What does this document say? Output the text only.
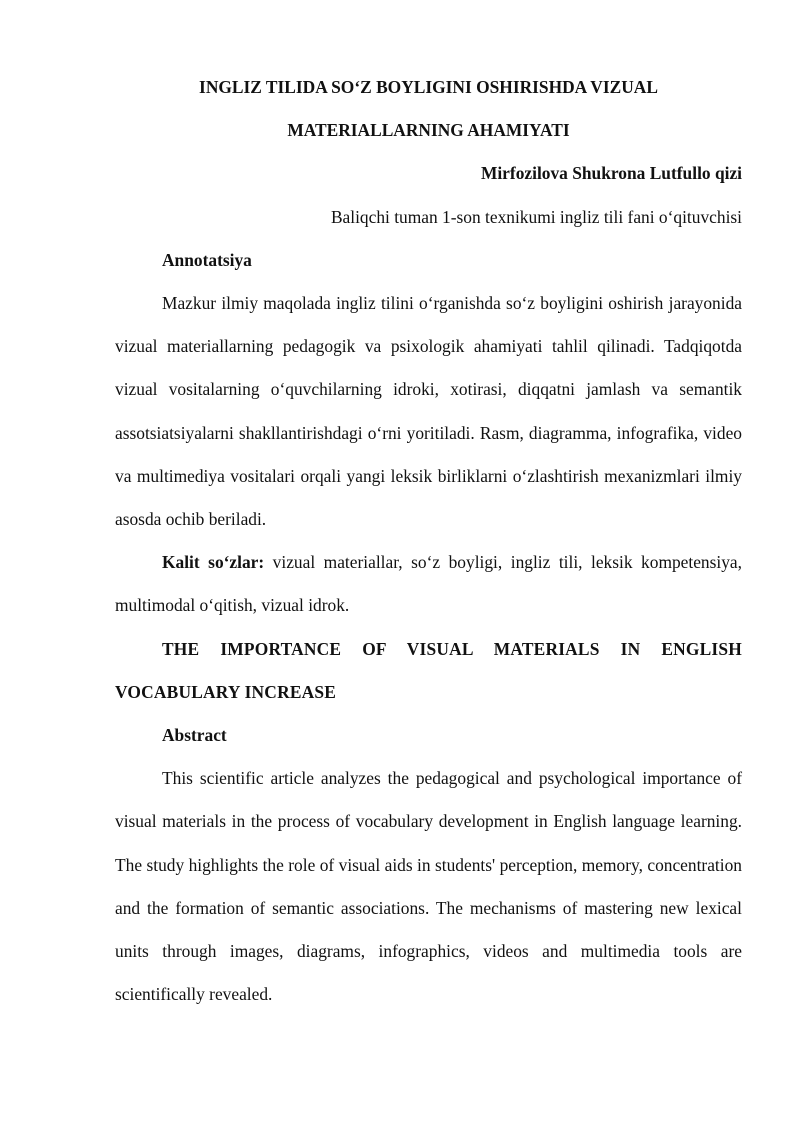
INGLIZ TILIDA SO‘Z BOYLIGINI OSHIRISHDA VIZUAL
MATERIALLARNING AHAMIYATI

Mirfozilova Shukrona Lutfullo qizi

Baliqchi tuman 1-son texnikumi ingliz tili fani o‘qituvchisi

Annotatsiya

Mazkur ilmiy maqolada ingliz tilini o‘rganishda so‘z boyligini oshirish jarayonida vizual materiallarning pedagogik va psixologik ahamiyati tahlil qilinadi. Tadqiqotda vizual vositalarning o‘quvchilarning idroki, xotirasi, diqqatni jamlash va semantik assotsiatsiyalarni shakllantirishdagi o‘rni yoritiladi. Rasm, diagramma, infografika, video va multimediya vositalari orqali yangi leksik birliklarni o‘zlashtirish mexanizmlari ilmiy asosda ochib beriladi.

Kalit so‘zlar: vizual materiallar, so‘z boyligi, ingliz tili, leksik kompetensiya, multimodal o‘qitish, vizual idrok.

THE IMPORTANCE OF VISUAL MATERIALS IN ENGLISH VOCABULARY INCREASE

Abstract

This scientific article analyzes the pedagogical and psychological importance of visual materials in the process of vocabulary development in English language learning. The study highlights the role of visual aids in students' perception, memory, concentration and the formation of semantic associations. The mechanisms of mastering new lexical units through images, diagrams, infographics, videos and multimedia tools are scientifically revealed.
